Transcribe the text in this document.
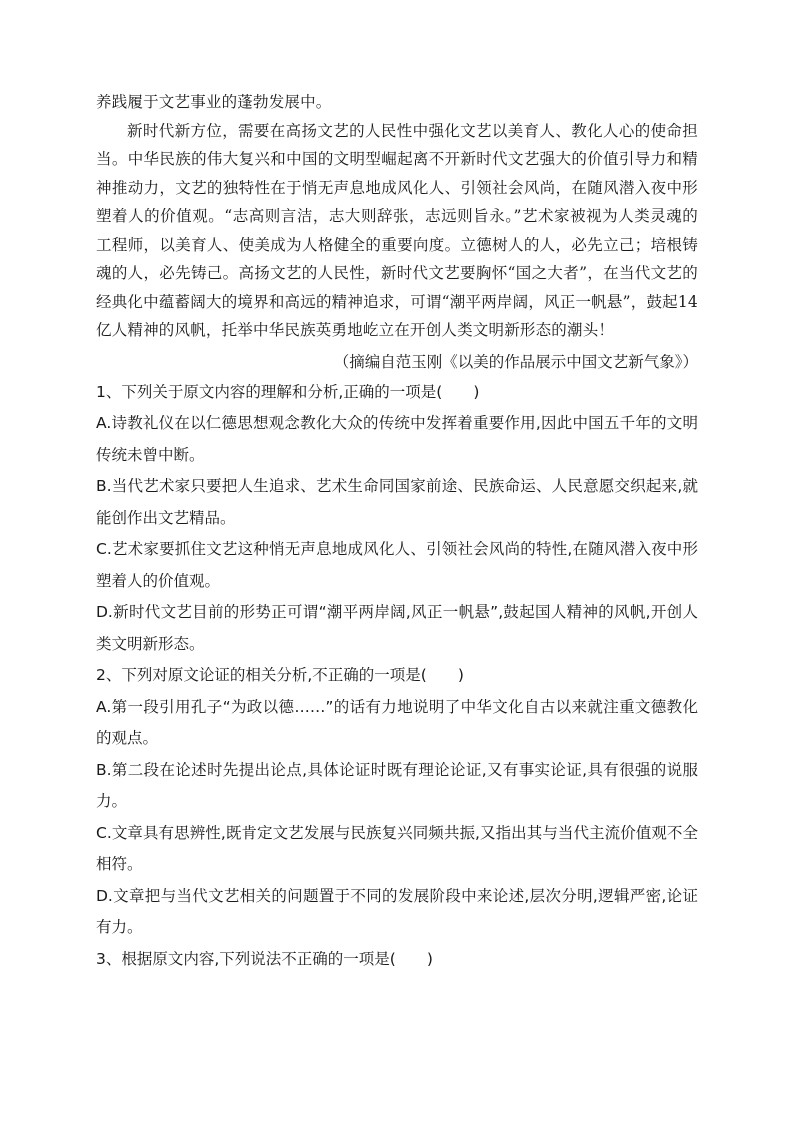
养践履于文艺事业的蓬勃发展中。

新时代新方位，需要在高扬文艺的人民性中强化文艺以美育人、教化人心的使命担当。中华民族的伟大复兴和中国的文明型崛起离不开新时代文艺强大的价值引导力和精神推动力，文艺的独特性在于悄无声息地成风化人、引领社会风尚，在随风潜入夜中形塑着人的价值观。“志高则言洁，志大则辞张，志远则旨永。”艺术家被视为人类灵魂的工程师，以美育人、使美成为人格健全的重要向度。立德树人的人，必先立己；培根铸魂的人，必先铸己。高扬文艺的人民性，新时代文艺要胸怀“国之大者”，在当代文艺的经典化中蕴蓄阔大的境界和高远的精神追求，可谓“潮平两岸阔，风正一帆悬”，鼓起14亿人精神的风帆，托举中华民族英勇地屹立在开创人类文明新形态的潮头！

（摘编自范玉刚《以美的作品展示中国文艺新气象》）

1、下列关于原文内容的理解和分析,正确的一项是(　　)

A.诗教礼仪在以仁德思想观念教化大众的传统中发挥着重要作用,因此中国五千年的文明传统未曾中断。

B.当代艺术家只要把人生追求、艺术生命同国家前途、民族命运、人民意愿交织起来,就能创作出文艺精品。

C.艺术家要抓住文艺这种悄无声息地成风化人、引领社会风尚的特性,在随风潜入夜中形塑着人的价值观。

D.新时代文艺目前的形势正可谓“潮平两岸阔,风正一帆悬”,鼓起国人精神的风帆,开创人类文明新形态。

2、下列对原文论证的相关分析,不正确的一项是(　　)

A.第一段引用孔子“为政以德……”的话有力地说明了中华文化自古以来就注重文德教化的观点。

B.第二段在论述时先提出论点,具体论证时既有理论论证,又有事实论证,具有很强的说服力。

C.文章具有思辨性,既肯定文艺发展与民族复兴同频共振,又指出其与当代主流价值观不全相符。

D.文章把与当代文艺相关的问题置于不同的发展阶段中来论述,层次分明,逻辑严密,论证有力。

3、根据原文内容,下列说法不正确的一项是(　　)
